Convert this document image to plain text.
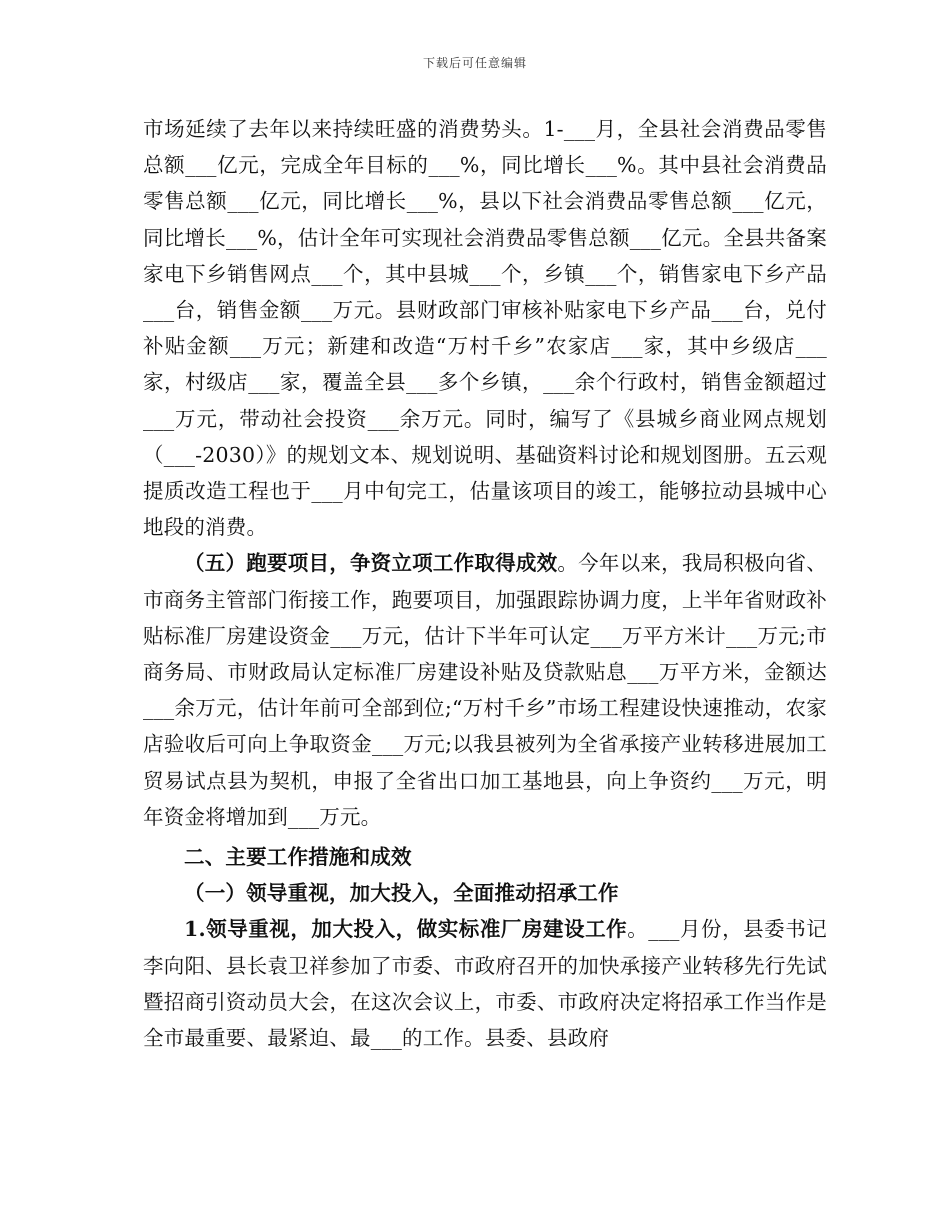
下载后可任意编辑

市场延续了去年以来持续旺盛的消费势头。1-___月，全县社会消费品零售总额___亿元，完成全年目标的___%，同比增长___%。其中县社会消费品零售总额___亿元，同比增长___%，县以下社会消费品零售总额___亿元，同比增长___%，估计全年可实现社会消费品零售总额___亿元。全县共备案家电下乡销售网点___个，其中县城___个，乡镇___个，销售家电下乡产品___台，销售金额___万元。县财政部门审核补贴家电下乡产品___台，兑付补贴金额___万元；新建和改造“万村千乡”农家店___家，其中乡级店___家，村级店___家，覆盖全县___多个乡镇，___余个行政村，销售金额超过___万元，带动社会投资___余万元。同时，编写了《县城乡商业网点规划（___-2030）》的规划文本、规划说明、基础资料讨论和规划图册。五云观提质改造工程也于___月中旬完工，估量该项目的竣工，能够拉动县城中心地段的消费。

（五）跑要项目，争资立项工作取得成效。今年以来，我局积极向省、市商务主管部门衔接工作，跑要项目，加强跟踪协调力度，上半年省财政补贴标准厂房建设资金___万元，估计下半年可认定___万平方米计___万元;市商务局、市财政局认定标准厂房建设补贴及贷款贴息___万平方米，金额达___余万元，估计年前可全部到位;“万村千乡”市场工程建设快速推动，农家店验收后可向上争取资金___万元;以我县被列为全省承接产业转移进展加工贸易试点县为契机，申报了全省出口加工基地县，向上争资约___万元，明年资金将增加到___万元。

二、主要工作措施和成效

（一）领导重视，加大投入，全面推动招承工作

1.领导重视，加大投入，做实标准厂房建设工作。___月份，县委书记李向阳、县长袁卫祥参加了市委、市政府召开的加快承接产业转移先行先试暨招商引资动员大会，在这次会议上，市委、市政府决定将招承工作当作是全市最重要、最紧迫、最___的工作。县委、县政府
